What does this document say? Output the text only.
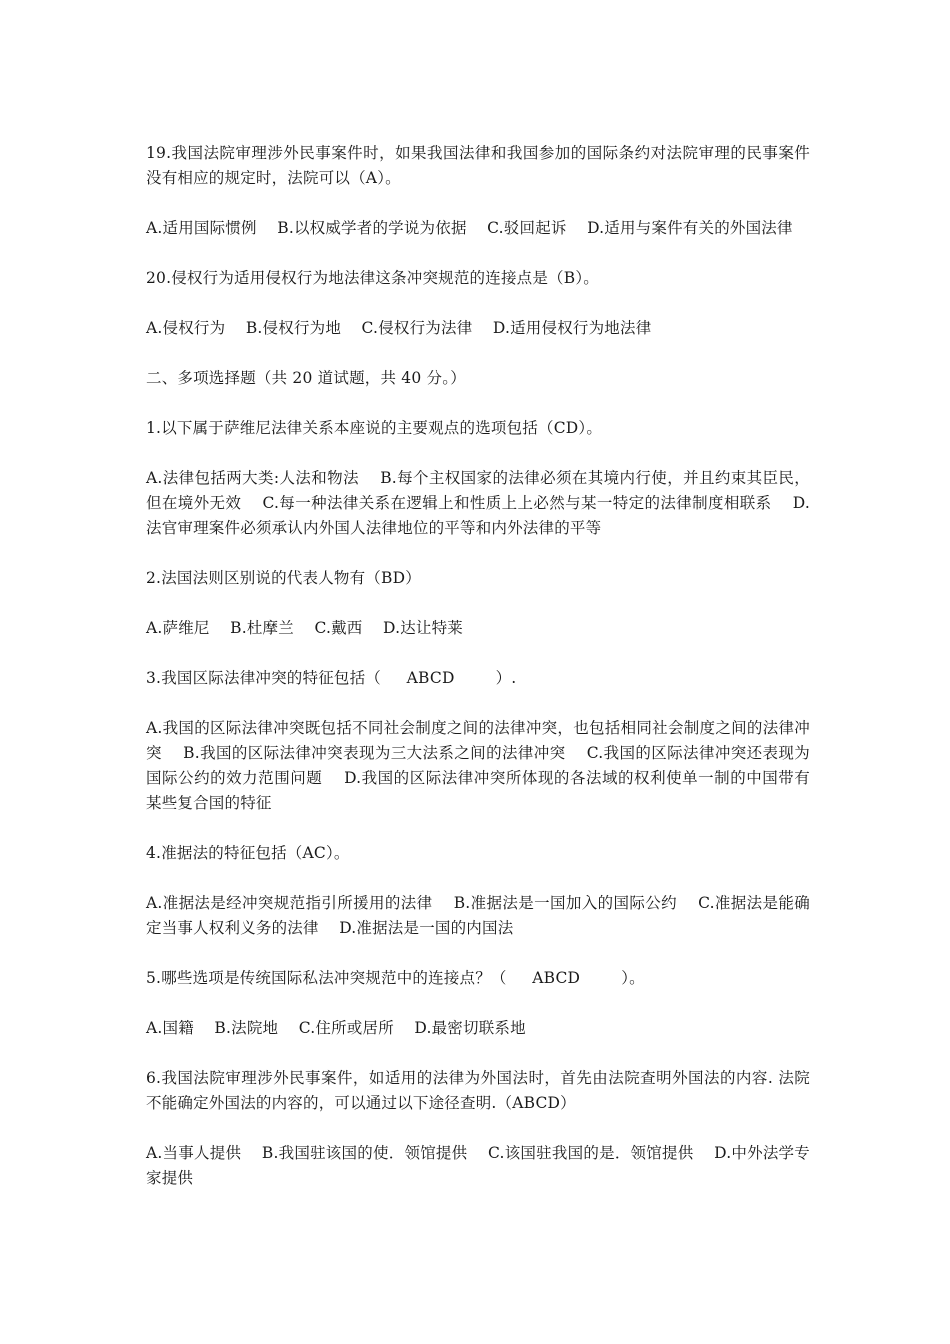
19.我国法院审理涉外民事案件时，如果我国法律和我国参加的国际条约对法院审理的民事案件没有相应的规定时，法院可以（A）。

A.适用国际惯例    B.以权威学者的学说为依据    C.驳回起诉    D.适用与案件有关的外国法律

20.侵权行为适用侵权行为地法律这条冲突规范的连接点是（B）。

A.侵权行为    B.侵权行为地    C.侵权行为法律    D.适用侵权行为地法律

二、多项选择题（共 20 道试题，共 40 分。）

1.以下属于萨维尼法律关系本座说的主要观点的选项包括（CD）。

A.法律包括两大类:人法和物法    B.每个主权国家的法律必须在其境内行使，并且约束其臣民，但在境外无效    C.每一种法律关系在逻辑上和性质上上必然与某一特定的法律制度相联系    D.法官审理案件必须承认内外国人法律地位的平等和内外法律的平等

2.法国法则区别说的代表人物有（BD）

A.萨维尼    B.杜摩兰    C.戴西    D.达让特莱

3.我国区际法律冲突的特征包括（     ABCD        ）.

A.我国的区际法律冲突既包括不同社会制度之间的法律冲突，也包括相同社会制度之间的法律冲突    B.我国的区际法律冲突表现为三大法系之间的法律冲突    C.我国的区际法律冲突还表现为国际公约的效力范围问题    D.我国的区际法律冲突所体现的各法域的权利使单一制的中国带有某些复合国的特征

4.准据法的特征包括（AC）。

A.准据法是经冲突规范指引所援用的法律    B.准据法是一国加入的国际公约    C.准据法是能确定当事人权利义务的法律    D.准据法是一国的内国法

5.哪些选项是传统国际私法冲突规范中的连接点？（     ABCD        ）。

A.国籍    B.法院地    C.住所或居所    D.最密切联系地

6.我国法院审理涉外民事案件，如适用的法律为外国法时，首先由法院查明外国法的内容. 法院不能确定外国法的内容的，可以通过以下途径查明.（ABCD）

A.当事人提供    B.我国驻该国的使．领馆提供    C.该国驻我国的是．领馆提供    D.中外法学专家提供
